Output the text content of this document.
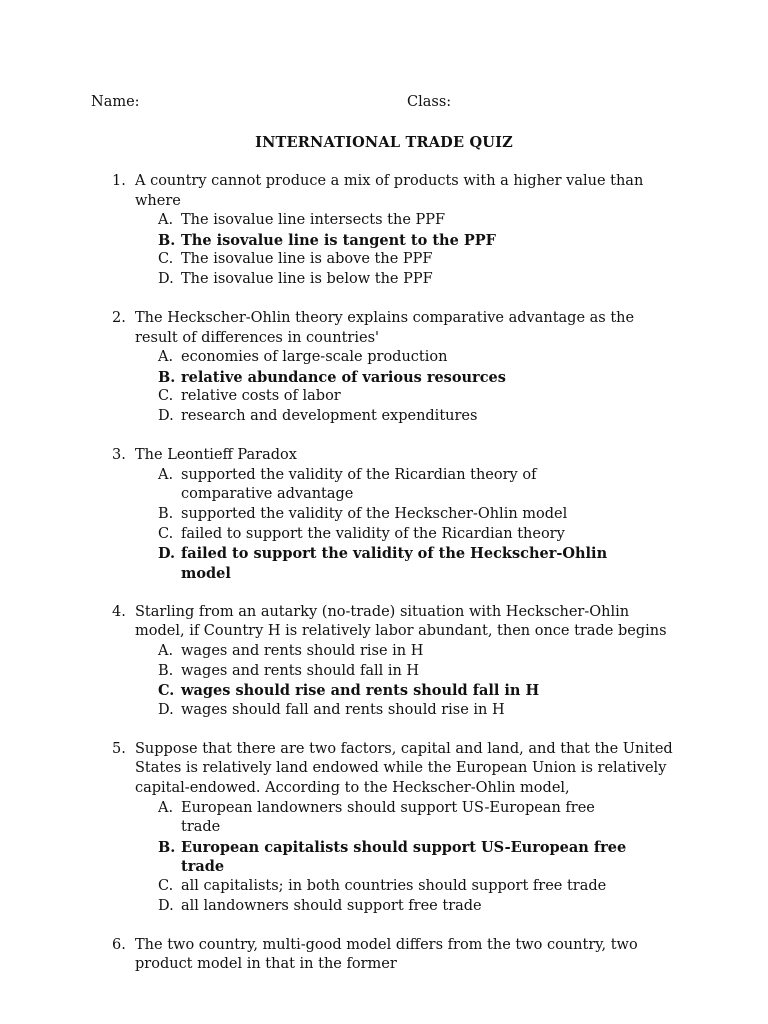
Name:	Class:
INTERNATIONAL TRADE QUIZ
1. A country cannot produce a mix of products with a higher value than where
A. The isovalue line intersects the PPF
B. The isovalue line is tangent to the PPF
C. The isovalue line is above the PPF
D. The isovalue line is below the PPF
2. The Heckscher-Ohlin theory explains comparative advantage as the result of differences in countries'
A. economies of large-scale production
B. relative abundance of various resources
C. relative costs of labor
D. research and development expenditures
3. The Leontieff Paradox
A. supported the validity of the Ricardian theory of comparative advantage
B. supported the validity of the Heckscher-Ohlin model
C. failed to support the validity of the Ricardian theory
D. failed to support the validity of the Heckscher-Ohlin model
4. Starling from an autarky (no-trade) situation with Heckscher-Ohlin model, if Country H is relatively labor abundant, then once trade begins
A. wages and rents should rise in H
B. wages and rents should fall in H
C. wages should rise and rents should fall in H
D. wages should fall and rents should rise in H
5. Suppose that there are two factors, capital and land, and that the United States is relatively land endowed while the European Union is relatively capital-endowed. According to the Heckscher-Ohlin model,
A. European landowners should support US-European free trade
B. European capitalists should support US-European free trade
C. all capitalists; in both countries should support free trade
D. all landowners should support free trade
6. The two country, multi-good model differs from the two country, two product model in that in the former
